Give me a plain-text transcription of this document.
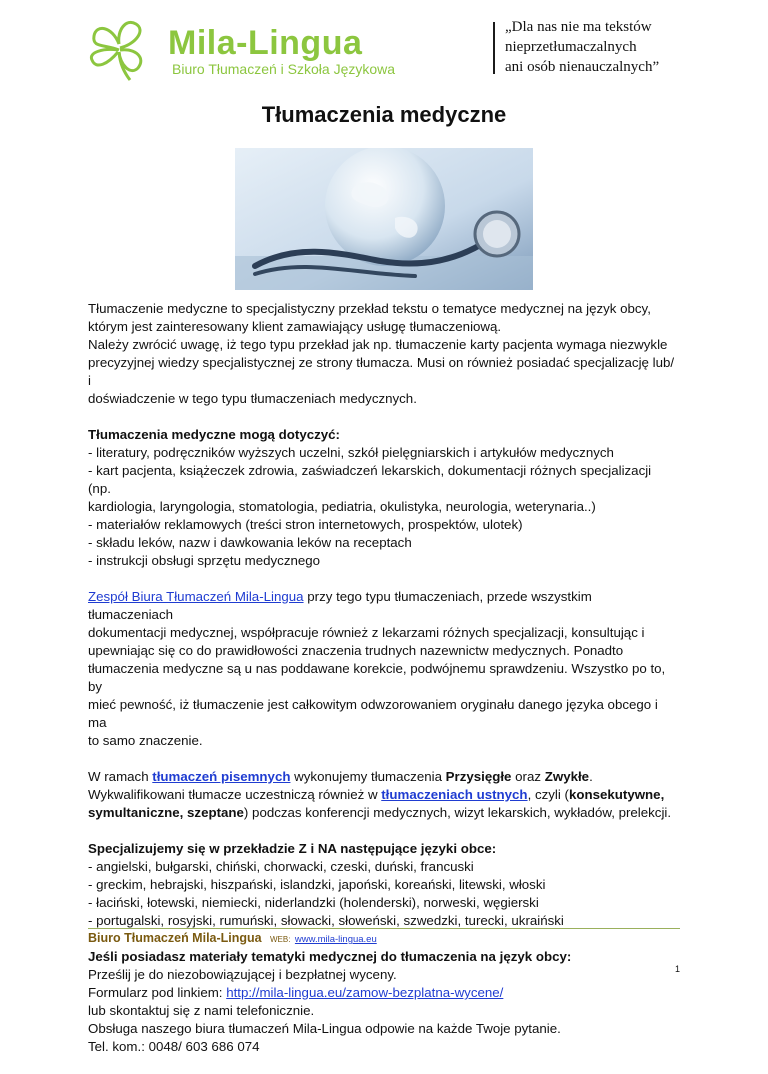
Mila-Lingua
Biuro Tłumaczeń i Szkoła Językowa
„Dla nas nie ma tekstów
nieprzetłumaczalnych
ani osób nienauczalnych”
Tłumaczenia medyczne

Tłumaczenie medyczne to specjalistyczny przekład tekstu o tematyce medycznej na język obcy,
którym jest zainteresowany klient zamawiający usługę tłumaczeniową.
Należy zwrócić uwagę, iż tego typu przekład jak np. tłumaczenie karty pacjenta wymaga niezwykle
precyzyjnej wiedzy specjalistycznej ze strony tłumacza. Musi on również posiadać specjalizację lub/ i
doświadczenie w tego typu tłumaczeniach medycznych.

Tłumaczenia medyczne mogą dotyczyć:
- literatury, podręczników wyższych uczelni, szkół pielęgniarskich i artykułów medycznych
- kart pacjenta, książeczek zdrowia, zaświadczeń lekarskich, dokumentacji różnych specjalizacji (np.
kardiologia, laryngologia, stomatologia, pediatria, okulistyka, neurologia, weterynaria..)
- materiałów reklamowych (treści stron internetowych, prospektów, ulotek)
- składu leków, nazw i dawkowania leków na receptach
- instrukcji obsługi sprzętu medycznego

Zespół Biura Tłumaczeń Mila-Lingua przy tego typu tłumaczeniach, przede wszystkim tłumaczeniach
dokumentacji medycznej, współpracuje również z lekarzami różnych specjalizacji, konsultując i
upewniając się co do prawidłowości znaczenia trudnych nazewnictw medycznych. Ponadto
tłumaczenia medyczne są u nas poddawane korekcie, podwójnemu sprawdzeniu. Wszystko po to, by
mieć pewność, iż tłumaczenie jest całkowitym odwzorowaniem oryginału danego języka obcego i ma
to samo znaczenie.

W ramach tłumaczeń pisemnych wykonujemy tłumaczenia Przysięgłe oraz Zwykłe.
Wykwalifikowani tłumacze uczestniczą również w tłumaczeniach ustnych, czyli (konsekutywne,
symultaniczne, szeptane) podczas konferencji medycznych, wizyt lekarskich, wykładów, prelekcji.

Specjalizujemy się w przekładzie Z i NA następujące języki obce:
- angielski, bułgarski, chiński, chorwacki, czeski, duński, francuski
- greckim, hebrajski, hiszpański, islandzki, japoński, koreański, litewski, włoski
- łaciński, łotewski, niemiecki, niderlandzki (holenderski), norweski, węgierski
- portugalski, rosyjski, rumuński, słowacki, słoweński, szwedzki, turecki, ukraiński

Jeśli posiadasz materiały tematyki medycznej do tłumaczenia na język obcy:
Prześlij je do niezobowiązującej i bezpłatnej wyceny.
Formularz pod linkiem: http://mila-lingua.eu/zamow-bezplatna-wycene/
lub skontaktuj się z nami telefonicznie.
Obsługa naszego biura tłumaczeń Mila-Lingua odpowie na każde Twoje pytanie.
Tel. kom.: 0048/ 603 686 074

Biuro Tłumaczeń Mila-Lingua WEB: www.mila-lingua.eu
1
